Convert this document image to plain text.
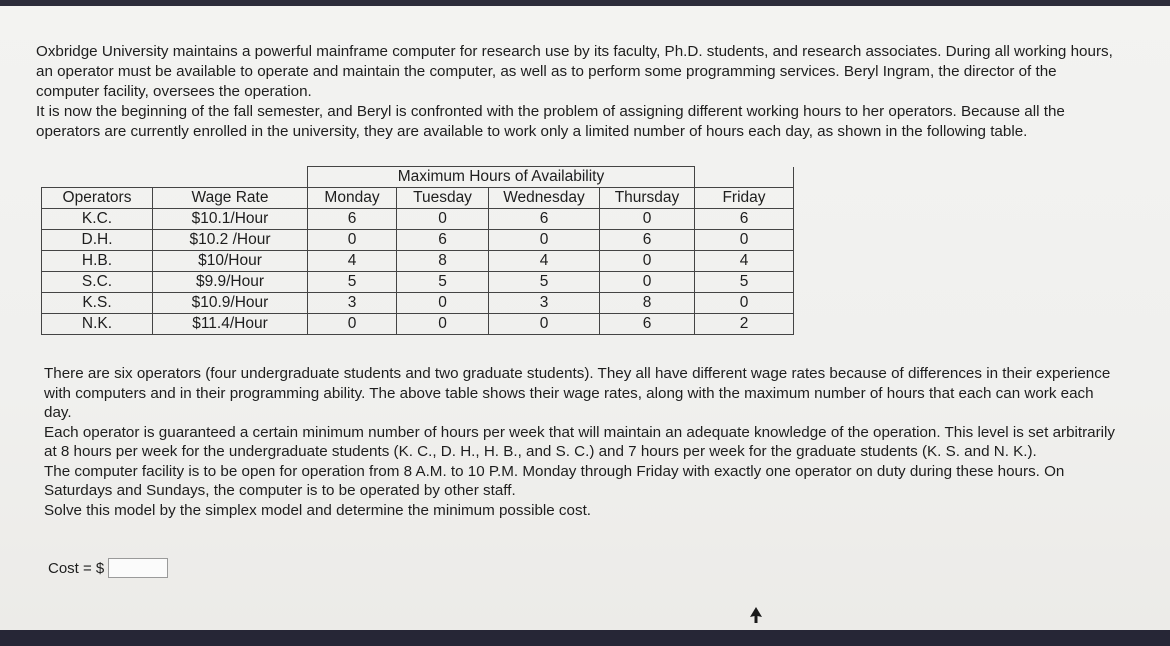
Oxbridge University maintains a powerful mainframe computer for research use by its faculty, Ph.D. students, and research associates. During all working hours, an operator must be available to operate and maintain the computer, as well as to perform some programming services. Beryl Ingram, the director of the computer facility, oversees the operation.

It is now the beginning of the fall semester, and Beryl is confronted with the problem of assigning different working hours to her operators. Because all the operators are currently enrolled in the university, they are available to work only a limited number of hours each day, as shown in the following table.

		Maximum Hours of Availability				
Operators	Wage Rate	Monday	Tuesday	Wednesday	Thursday	Friday
K.C.	$10.1/Hour	6	0	6	0	6
D.H.	$10.2 /Hour	0	6	0	6	0
H.B.	$10/Hour	4	8	4	0	4
S.C.	$9.9/Hour	5	5	5	0	5
K.S.	$10.9/Hour	3	0	3	8	0
N.K.	$11.4/Hour	0	0	0	6	2

There are six operators (four undergraduate students and two graduate students). They all have different wage rates because of differences in their experience with computers and in their programming ability. The above table shows their wage rates, along with the maximum number of hours that each can work each day.

Each operator is guaranteed a certain minimum number of hours per week that will maintain an adequate knowledge of the operation. This level is set arbitrarily at 8 hours per week for the undergraduate students (K. C., D. H., H. B., and S. C.) and 7 hours per week for the graduate students (K. S. and N. K.).

The computer facility is to be open for operation from 8 A.M. to 10 P.M. Monday through Friday with exactly one operator on duty during these hours. On Saturdays and Sundays, the computer is to be operated by other staff.

Solve this model by the simplex model and determine the minimum possible cost.

Cost = $
